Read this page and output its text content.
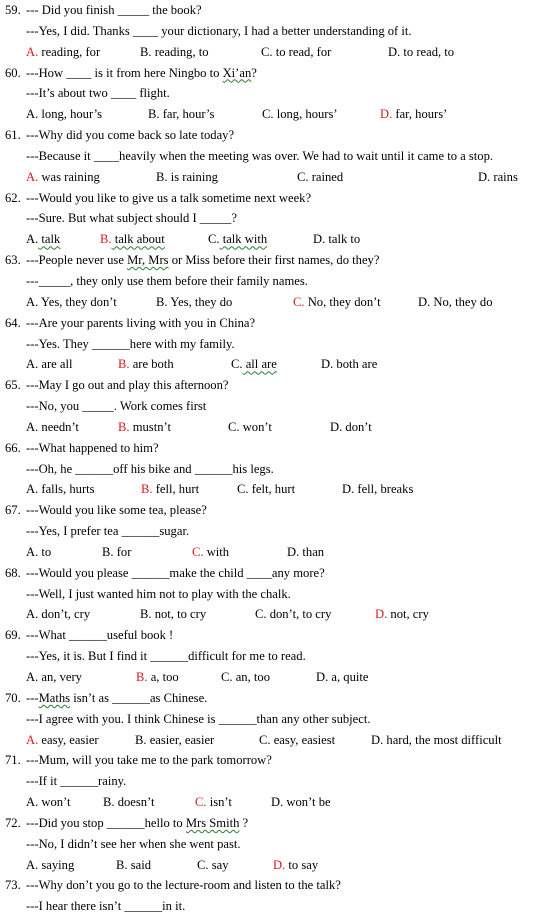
59. --- Did you finish _____ the book?
---Yes, I did. Thanks ____ your dictionary, I had a better understanding of it.
A. reading, for	B. reading, to	C. to read, for	D. to read, to
60. ---How ____ is it from here Ningbo to Xi’an?
---It’s about two ____ flight.
A. long, hour’s	B. far, hour’s	C. long, hours’	D. far, hours’
61. ---Why did you come back so late today?
---Because it ____heavily when the meeting was over. We had to wait until it came to a stop.
A. was raining	B. is raining	C. rained	D. rains
62. ---Would you like to give us a talk sometime next week?
---Sure. But what subject should I _____?
A. talk	B. talk about	C. talk with	D. talk to
63. ---People never use Mr, Mrs or Miss before their first names, do they?
---_____, they only use them before their family names.
A. Yes, they don’t	B. Yes, they do	C. No, they don’t	D. No, they do
64. ---Are your parents living with you in China?
---Yes. They ______here with my family.
A. are all	B. are both	C. all are	D. both are
65. ---May I go out and play this afternoon?
---No, you _____. Work comes first
A. needn’t	B. mustn’t	C. won’t	D. don’t
66. ---What happened to him?
---Oh, he ______off his bike and ______his legs.
A. falls, hurts	B. fell, hurt	C. felt, hurt	D. fell, breaks
67. ---Would you like some tea, please?
---Yes, I prefer tea ______sugar.
A. to	B. for	C. with	D. than
68. ---Would you please ______make the child ____any more?
---Well, I just wanted him not to play with the chalk.
A. don’t, cry	B. not, to cry	C. don’t, to cry	D. not, cry
69. ---What ______useful book !
---Yes, it is. But I find it ______difficult for me to read.
A. an, very	B. a, too	C. an, too	D. a, quite
70. ---Maths isn’t as ______as Chinese.
---I agree with you. I think Chinese is ______than any other subject.
A. easy, easier	B. easier, easier	C. easy, easiest	D. hard, the most difficult
71. ---Mum, will you take me to the park tomorrow?
---If it ______rainy.
A. won’t	B. doesn’t	C. isn’t	D. won’t be
72. ---Did you stop ______hello to Mrs Smith ?
---No, I didn’t see her when she went past.
A. saying	B. said	C. say	D. to say
73. ---Why don’t you go to the lecture-room and listen to the talk?
---I hear there isn’t ______in it.
